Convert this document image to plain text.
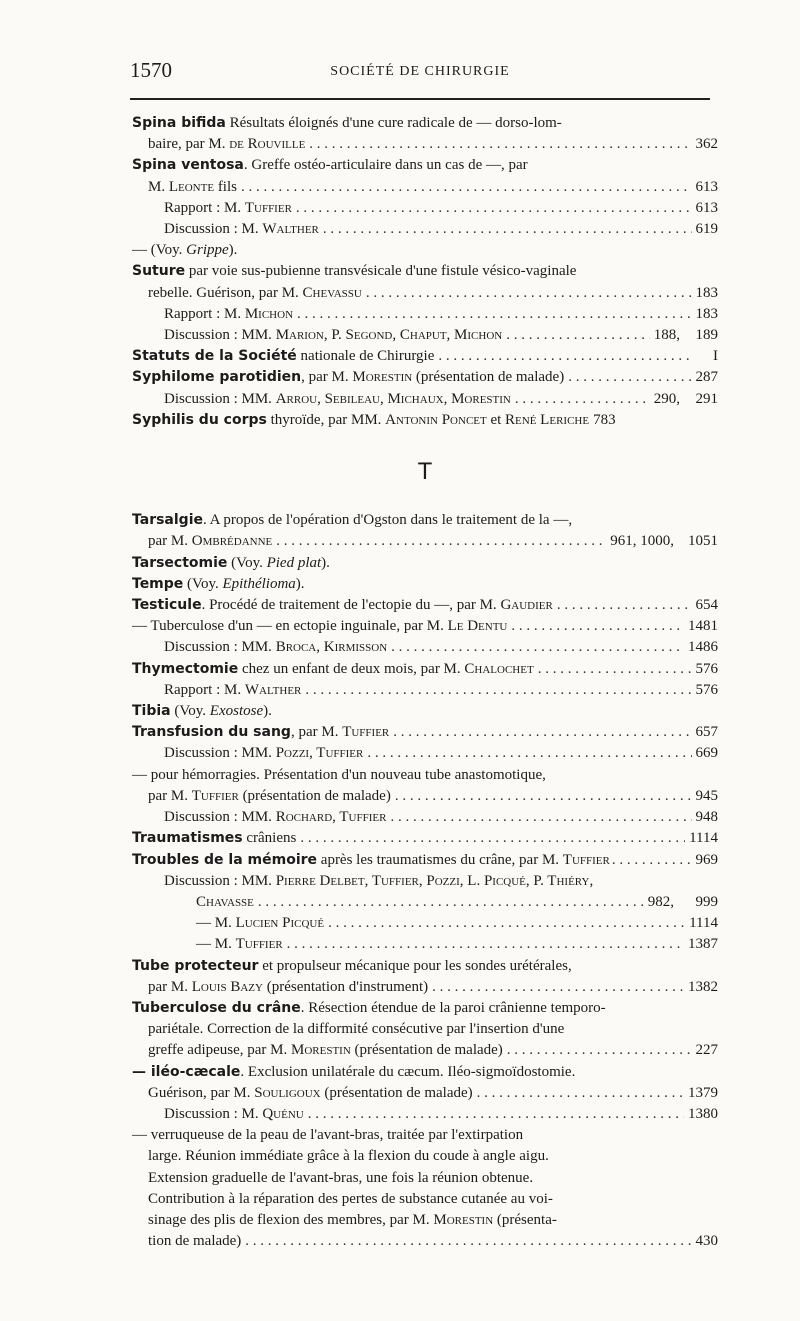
1570	SOCIÉTÉ DE CHIRURGIE
Spina bifida Résultats éloignés d'une cure radicale de — dorso-lom-
baire, par M. de Rouville . . .	362
Spina ventosa. Greffe ostéo-articulaire dans un cas de —, par
M. Leonte fils . . .	613
Rapport : M. Tuffier . . .	613
Discussion : M. Walther . . .	619
— (Voy. Grippe).
Suture par voie sus-pubienne transvésicale d'une fistule vésico-vaginale
rebelle. Guérison, par M. Chevassu . . .	183
Rapport : M. Michon . . .	183
Discussion : MM. Marion, P. Segond, Chaput, Michon . . .	188,	189
Statuts de la Société nationale de Chirurgie . . .	I
Syphilome parotidien, par M. Morestin (présentation de malade) . . .	287
Discussion : MM. Arrou, Sebileau, Michaux, Morestin . . .	290,	291
Syphilis du corps thyroïde, par MM. Antonin Poncet et René Leriche 783
T
Tarsalgie. A propos de l'opération d'Ogston dans le traitement de la —,
par M. Ombrédanne . . .	961, 1000, 1051
Tarsectomie (Voy. Pied plat).
Tempe (Voy. Epithélioma).
Testicule. Procédé de traitement de l'ectopie du —, par M. Gaudier . . .	654
— Tuberculose d'un — en ectopie inguinale, par M. Le Dentu . . .	1481
Discussion : MM. Broca, Kirmisson . . .	1486
Thymectomie chez un enfant de deux mois, par M. Chalochet . . .	576
Rapport : M. Walther . . .	576
Tibia (Voy. Exostose).
Transfusion du sang, par M. Tuffier . . .	657
Discussion : MM. Pozzi, Tuffier . . .	669
— pour hémorragies. Présentation d'un nouveau tube anastomotique,
par M. Tuffier (présentation de malade) . . .	945
Discussion : MM. Rochard, Tuffier . . .	948
Traumatismes crâniens . . .	1114
Troubles de la mémoire après les traumatismes du crâne, par M. Tuffier . . .	969
Discussion : MM. Pierre Delbet, Tuffier, Pozzi, L. Picqué, P. Thiéry,
Chavasse . . .	982,	999
— M. Lucien Picqué . . .	1114
— M. Tuffier . . .	1387
Tube protecteur et propulseur mécanique pour les sondes urétérales,
par M. Louis Bazy (présentation d'instrument) . . .	1382
Tuberculose du crâne. Résection étendue de la paroi crânienne temporo-
pariétale. Correction de la difformité consécutive par l'insertion d'une
greffe adipeuse, par M. Morestin (présentation de malade) . . .	227
— iléo-cæcale. Exclusion unilatérale du cæcum. Iléo-sigmoïdostomie.
Guérison, par M. Souligoux (présentation de malade) . . .	1379
Discussion : M. Quénu . . .	1380
— verruqueuse de la peau de l'avant-bras, traitée par l'extirpation
large. Réunion immédiate grâce à la flexion du coude à angle aigu.
Extension graduelle de l'avant-bras, une fois la réunion obtenue.
Contribution à la réparation des pertes de substance cutanée au voi-
sinage des plis de flexion des membres, par M. Morestin (présenta-
tion de malade) . . .	430
